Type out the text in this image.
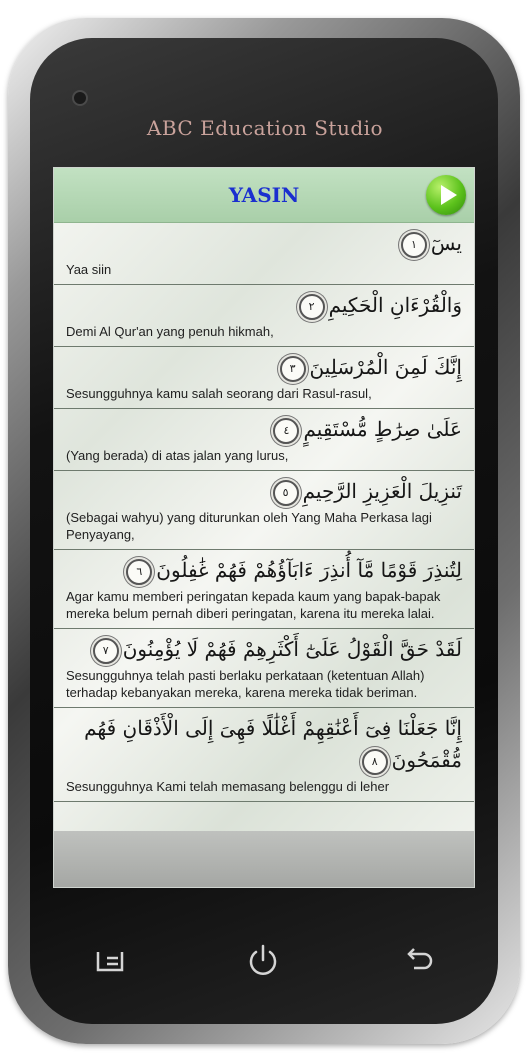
ABC Education Studio
YASIN
يسٓ١
Yaa siin
وَالْقُرْءَانِ الْحَكِيمِ٢
Demi Al Qur'an yang penuh hikmah,
إِنَّكَ لَمِنَ الْمُرْسَلِينَ٣
Sesungguhnya kamu salah seorang dari Rasul-rasul,
عَلَىٰ صِرَٰطٍ مُّسْتَقِيمٍ٤
(Yang berada) di atas jalan yang lurus,
تَنزِيلَ الْعَزِيزِ الرَّحِيمِ٥
(Sebagai wahyu) yang diturunkan oleh Yang Maha Perkasa lagi Penyayang,
لِتُنذِرَ قَوْمًا مَّآ أُنذِرَ ءَابَآؤُهُمْ فَهُمْ غَٰفِلُونَ٦
Agar kamu memberi peringatan kepada kaum yang bapak-bapak mereka belum pernah diberi peringatan, karena itu mereka lalai.
لَقَدْ حَقَّ الْقَوْلُ عَلَىٰٓ أَكْثَرِهِمْ فَهُمْ لَا يُؤْمِنُونَ٧
Sesungguhnya telah pasti berlaku perkataan (ketentuan Allah) terhadap kebanyakan mereka, karena mereka tidak beriman.
إِنَّا جَعَلْنَا فِىٓ أَعْنَٰقِهِمْ أَغْلَٰلًا فَهِىَ إِلَى الْأَذْقَانِ فَهُم مُّقْمَحُونَ٨
Sesungguhnya Kami telah memasang belenggu di leher
